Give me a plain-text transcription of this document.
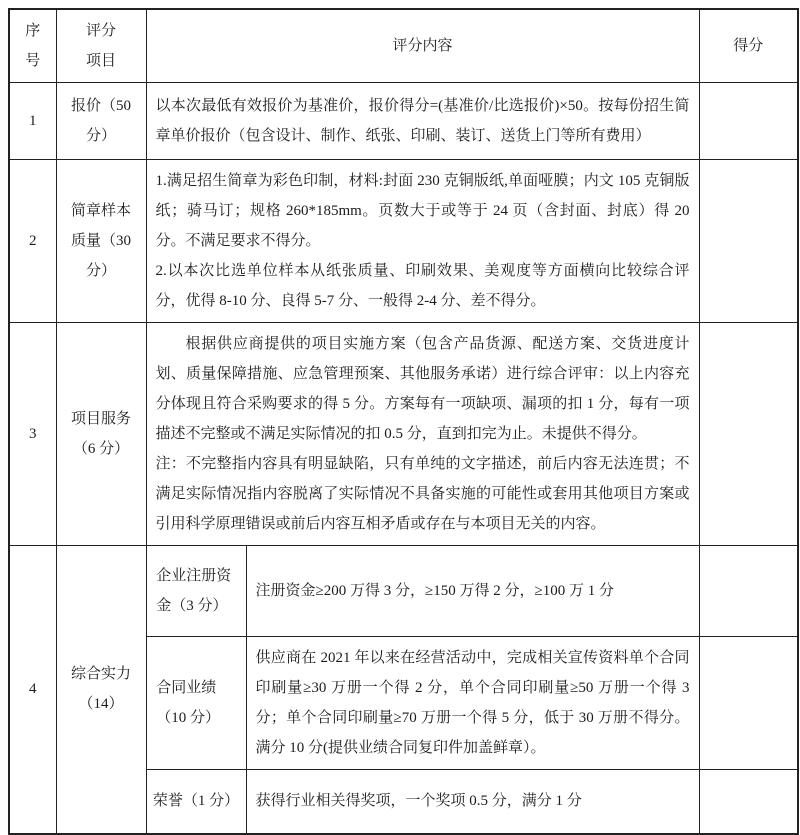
序号	评分项目	评分内容		得分
1	报价（50 分）	以本次最低有效报价为基准价，报价得分=(基准价/比选报价)×50。按每份招生简章单价报价（包含设计、制作、纸张、印刷、装订、送货上门等所有费用）		

2	简章样本质量（30 分）	1.满足招生简章为彩色印制，材料:封面 230 克铜版纸,单面哑膜；内文 105 克铜版纸；骑马订；规格 260*185mm。页数大于或等于 24 页（含封面、封底）得 20 分。不满足要求不得分。

2.以本次比选单位样本从纸张质量、印刷效果、美观度等方面横向比较综合评分，优得 8-10 分、良得 5-7 分、一般得 2-4 分、差不得分。		

3	项目服务（6 分）	根据供应商提供的项目实施方案（包含产品货源、配送方案、交货进度计划、质量保障措施、应急管理预案、其他服务承诺）进行综合评审：以上内容充分体现且符合采购要求的得 5 分。方案每有一项缺项、漏项的扣 1 分，每有一项描述不完整或不满足实际情况的扣 0.5 分，直到扣完为止。未提供不得分。

注：不完整指内容具有明显缺陷，只有单纯的文字描述，前后内容无法连贯；不满足实际情况指内容脱离了实际情况不具备实施的可能性或套用其他项目方案或引用科学原理错误或前后内容互相矛盾或存在与本项目无关的内容。		

4	综合实力（14）	企业注册资金（3 分）	注册资金≥200 万得 3 分，≥150 万得 2 分，≥100 万 1 分	

		合同业绩（10 分）	供应商在 2021 年以来在经营活动中，完成相关宣传资料单个合同印刷量≥30 万册一个得 2 分，单个合同印刷量≥50 万册一个得 3 分；单个合同印刷量≥70 万册一个得 5 分，低于 30 万册不得分。满分 10 分(提供业绩合同复印件加盖鲜章）。	

		荣誉（1 分）	获得行业相关得奖项，一个奖项 0.5 分，满分 1 分	
